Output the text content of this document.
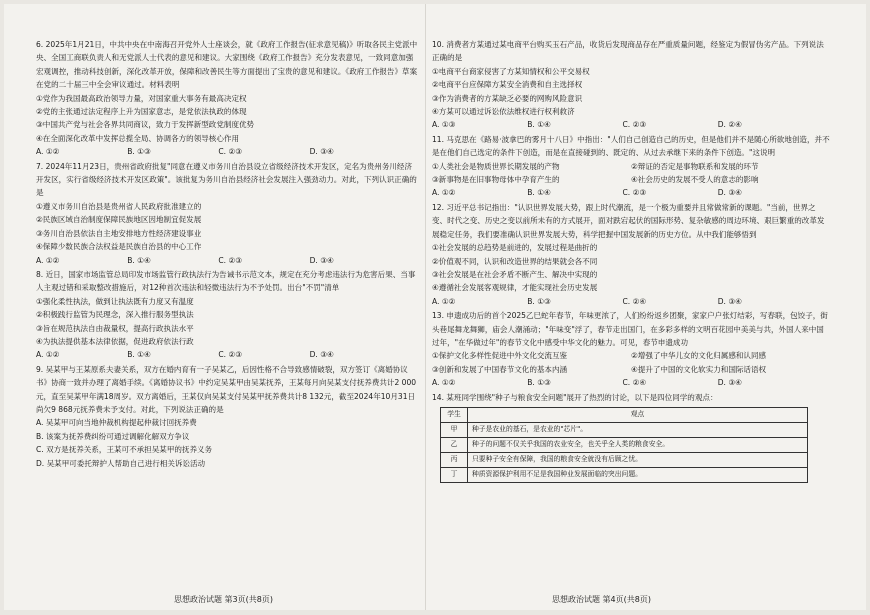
6. 2025年1月21日，中共中央在中南海召开党外人士座谈会，就《政府工作报告(征求意见稿)》听取各民主党派中央、全国工商联负责人和无党派人士代表的意见和建议。大家围绕《政府工作报告》充分发表意见，一致同意加强宏观调控，推动科技创新，深化改革开放，保障和改善民生等方面提出了宝贵的意见和建议。《政府工作报告》草案在党的二十届三中全会审议通过。材料表明
①党作为我国最高政治领导力量，对国家重大事务有最高决定权
②党的主张通过法定程序上升为国家意志，是党依法执政的体现
③中国共产党与社会各界共同商议，致力于发挥新型政党制度优势
④在全面深化改革中发挥总揽全局、协调各方的领导核心作用
A. ①②	B. ①③	C. ②③	D. ③④
7. 2024年11月23日，贵州省政府批复"同意在遵义市务川自治县设立省级经济技术开发区，定名为贵州务川经济开发区，实行省级经济技术开发区政策"。该批复为务川自治县经济社会发展注入强劲动力。对此，下列认识正确的是
①遵义市务川自治县是贵州省人民政府批准建立的
②民族区域自治制度保障民族地区因地制宜促发展
③务川自治县依法自主地安排地方性经济建设事业
④保障少数民族合法权益是民族自治县的中心工作
A. ①②	B. ①④	C. ②③	D. ③④
8. 近日，国家市场监管总局印发市场监管行政执法行为告诫书示范文本，规定在充分考虑违法行为危害后果、当事人主观过错和采取整改措施后，对12种首次违法和轻微违法行为不予处罚。出台"不罚"清单
①强化柔性执法，做到让执法既有力度又有温度
②积极践行监管为民理念，深入推行服务型执法
③旨在规范执法自由裁量权，提高行政执法水平
④为执法提供基本法律依据，促进政府依法行政
A. ①②	B. ①④	C. ②③	D. ③④
9. 吴某甲与王某原系夫妻关系，双方在婚内育有一子吴某乙，后因性格不合导致感情破裂，双方签订《离婚协议书》协商一致并办理了离婚手续。《离婚协议书》中约定吴某甲由吴某抚养，王某每月向吴某支付抚养费共计2 000元，直至吴某甲年满18周岁。双方离婚后，王某仅向吴某支付吴某甲抚养费共计8 132元，截至2024年10月31日尚欠9 868元抚养费未予支付。对此，下列说法正确的是
A. 吴某甲可向当地仲裁机构提起仲裁讨回抚养费
B. 该案为抚养费纠纷可通过调解化解双方争议
C. 双方是抚养关系，王某可不承担吴某甲的抚养义务
D. 吴某甲可委托辩护人帮助自己进行相关诉讼活动
思想政治试题 第3页(共8页)
10. 消费者方某通过某电商平台购买玉石产品，收货后发现商品存在严重质量问题，经鉴定为假冒伪劣产品。下列说法正确的是
①电商平台商家侵害了方某知情权和公平交易权
②电商平台应保障方某安全消费和自主选择权
③作为消费者的方某缺乏必要的网购风险意识
④方某可以通过诉讼依法维权进行权利救济
A. ①③	B. ①④	C. ②③	D. ②④
11. 马克思在《路易·波拿巴的雾月十八日》中指出："人们自己创造自己的历史，但是他们并不是随心所欲地创造，并不是在他们自己选定的条件下创造，而是在直接碰到的、既定的、从过去承继下来的条件下创造。"这说明
①人类社会是物质世界长期发展的产物	②辩证的否定是事物联系和发展的环节
③新事物是在旧事物母体中孕育产生的	④社会历史的发展不受人的意志的影响
A. ①②	B. ①④	C. ②③	D. ③④
12. 习近平总书记指出："认识世界发展大势，跟上时代潮流，是一个极为重要并且常做常新的课题。"当前，世界之变、时代之变、历史之变以前所未有的方式展开，面对跌宕起伏的国际形势、复杂敏感的周边环境、艰巨繁重的改革发展稳定任务，我们要准确认识世界发展大势，科学把握中国发展新的历史方位。从中我们能够悟到
①社会发展的总趋势是前进的，发展过程是曲折的
②价值观不同，认识和改造世界的结果就会各不同
③社会发展是在社会矛盾不断产生、解决中实现的
④遵循社会发展客观规律，才能实现社会历史发展
A. ①②	B. ①③	C. ②④	D. ③④
13. 申遗成功后的首个2025乙巳蛇年春节，年味更浓了，人们纷纷返乡团聚，家家户户张灯结彩，写春联，包饺子，街头巷尾舞龙舞狮，庙会人潮涌动；"年味变"浮了，春节走出国门，在多彩多样的文明百花园中美美与共，外国人来中国过年，"在华做过年"的春节文化中感受中华文化的魅力。可见，春节申遗成功
①保护文化多样性促进中外文化交流互鉴	②增强了中华儿女的文化归属感和认同感
③创新和发展了中国春节文化的基本内涵	④提升了中国的文化软实力和国际话语权
A. ①②	B. ①③	C. ②④	D. ③④
14. 某班同学围绕"种子与粮食安全问题"展开了热烈的讨论，以下是四位同学的观点：
学生	观点
甲	种子是农业的基石，是农业的"芯片"。
乙	种子的问题不仅关乎我国的农业安全，也关乎全人类的粮食安全。
丙	只要种子安全有保障，我国的粮食安全就没有后顾之忧。
丁	种质资源保护利用不足是我国种业发展面临的突出问题。
思想政治试题 第4页(共8页)
